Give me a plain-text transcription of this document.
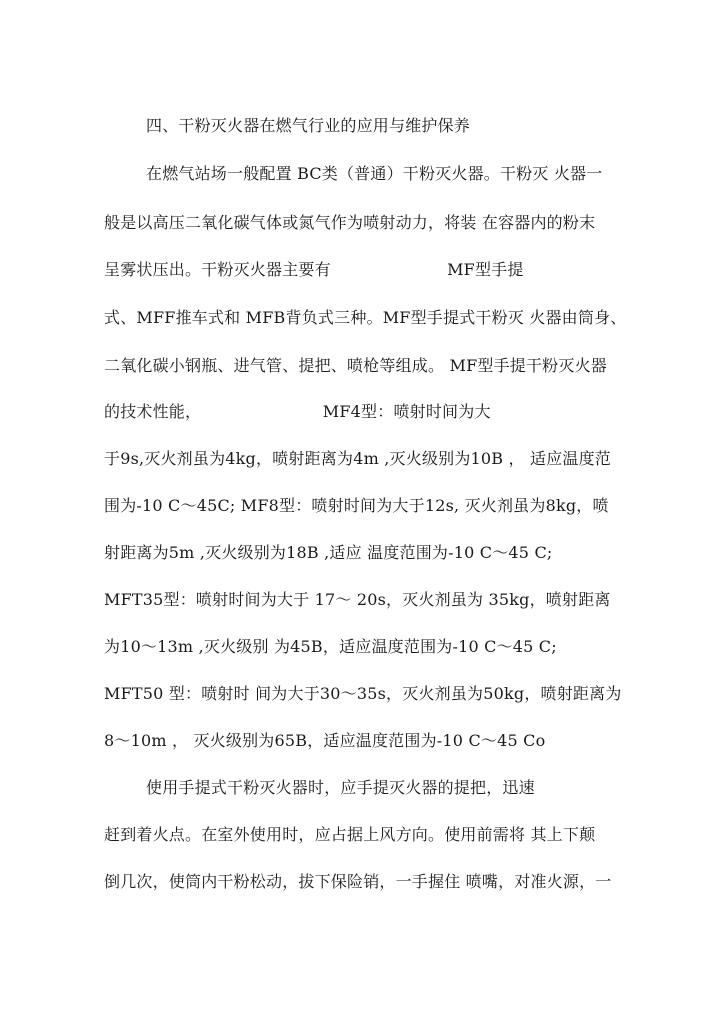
四、干粉灭火器在燃气行业的应用与维护保养
在燃气站场一般配置 BC类（普通）干粉灭火器。干粉灭 火器一
般是以高压二氧化碳气体或氮气作为喷射动力，将装 在容器内的粉末
呈雾状压出。干粉灭火器主要有                      MF型手提
式、MFF推车式和 MFB背负式三种。MF型手提式干粉灭 火器由筒身、
二氧化碳小钢瓶、进气管、提把、喷枪等组成。 MF型手提干粉灭火器
的技术性能，                       MF4型：喷射时间为大
于9s,灭火剂虽为4kg，喷射距离为4m ,灭火级别为10B ， 适应温度范
围为-10 C〜45C; MF8型：喷射时间为大于12s, 灭火剂虽为8kg，喷
射距离为5m ,灭火级别为18B ,适应 温度范围为-10 C〜45 C;
MFT35型：喷射时间为大于 17〜 20s，灭火剂虽为 35kg，喷射距离
为10〜13m ,灭火级别 为45B，适应温度范围为-10 C〜45 C;
MFT50 型：喷射时 间为大于30〜35s，灭火剂虽为50kg，喷射距离为
8〜10m ， 灭火级别为65B，适应温度范围为-10 C〜45 Co
使用手提式干粉灭火器时，应手提灭火器的提把，迅速
赶到着火点。在室外使用时，应占据上风方向。使用前需将 其上下颠
倒几次，使筒内干粉松动，拔下保险销，一手握住 喷嘴，对准火源，一
